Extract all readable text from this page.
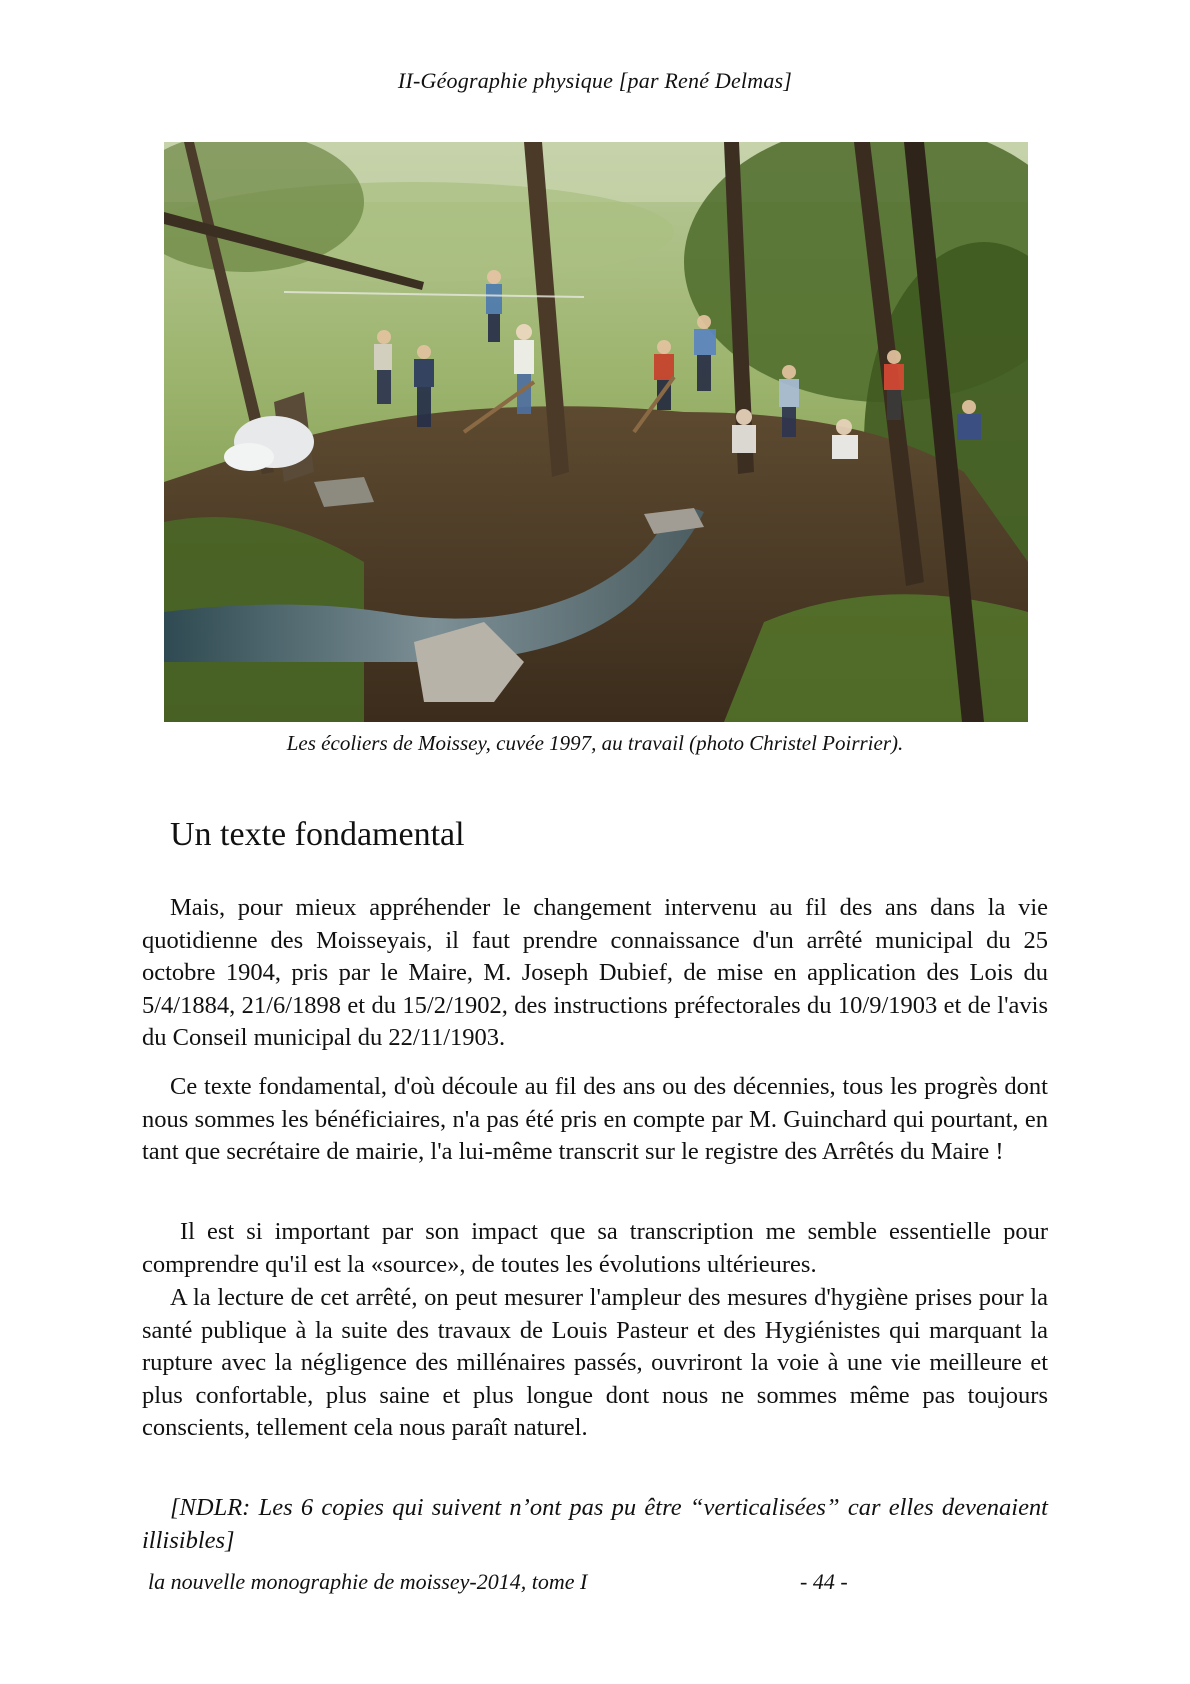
II-Géographie physique [par René Delmas]
Les écoliers de Moissey, cuvée 1997, au travail (photo Christel Poirrier).
Un texte fondamental

Mais, pour mieux appréhender le changement intervenu au fil des ans dans la vie quotidienne des Moisseyais, il faut prendre connaissance d'un arrêté municipal du 25 octobre 1904, pris par le Maire, M. Joseph Dubief, de mise en application des Lois du 5/4/1884, 21/6/1898 et du 15/2/1902, des instructions préfectorales du 10/9/1903 et de l'avis du Conseil municipal du 22/11/1903.

Ce texte fondamental, d'où découle au fil des ans ou des décennies, tous les progrès dont nous sommes les bénéficiaires, n'a pas été pris en compte par M. Guinchard qui pourtant, en tant que secrétaire de mairie, l'a lui-même transcrit sur le registre des Arrêtés du Maire !

Il est si important par son impact que sa transcription me semble essentielle pour comprendre qu'il est la «source», de toutes les évolutions ultérieures.

A la lecture de cet arrêté, on peut mesurer l'ampleur des mesures d'hygiène prises pour la santé publique à la suite des travaux de Louis Pasteur et des Hygiénistes qui marquant la rupture avec la négligence des millénaires passés, ouvriront la voie à une vie meilleure et plus confortable, plus saine et plus longue dont nous ne sommes même pas toujours conscients, tellement cela nous paraît naturel.

[NDLR: Les 6 copies qui suivent n’ont pas pu être “verticalisées” car elles devenaient illisibles]

la nouvelle monographie de moissey-2014, tome I	- 44 -
